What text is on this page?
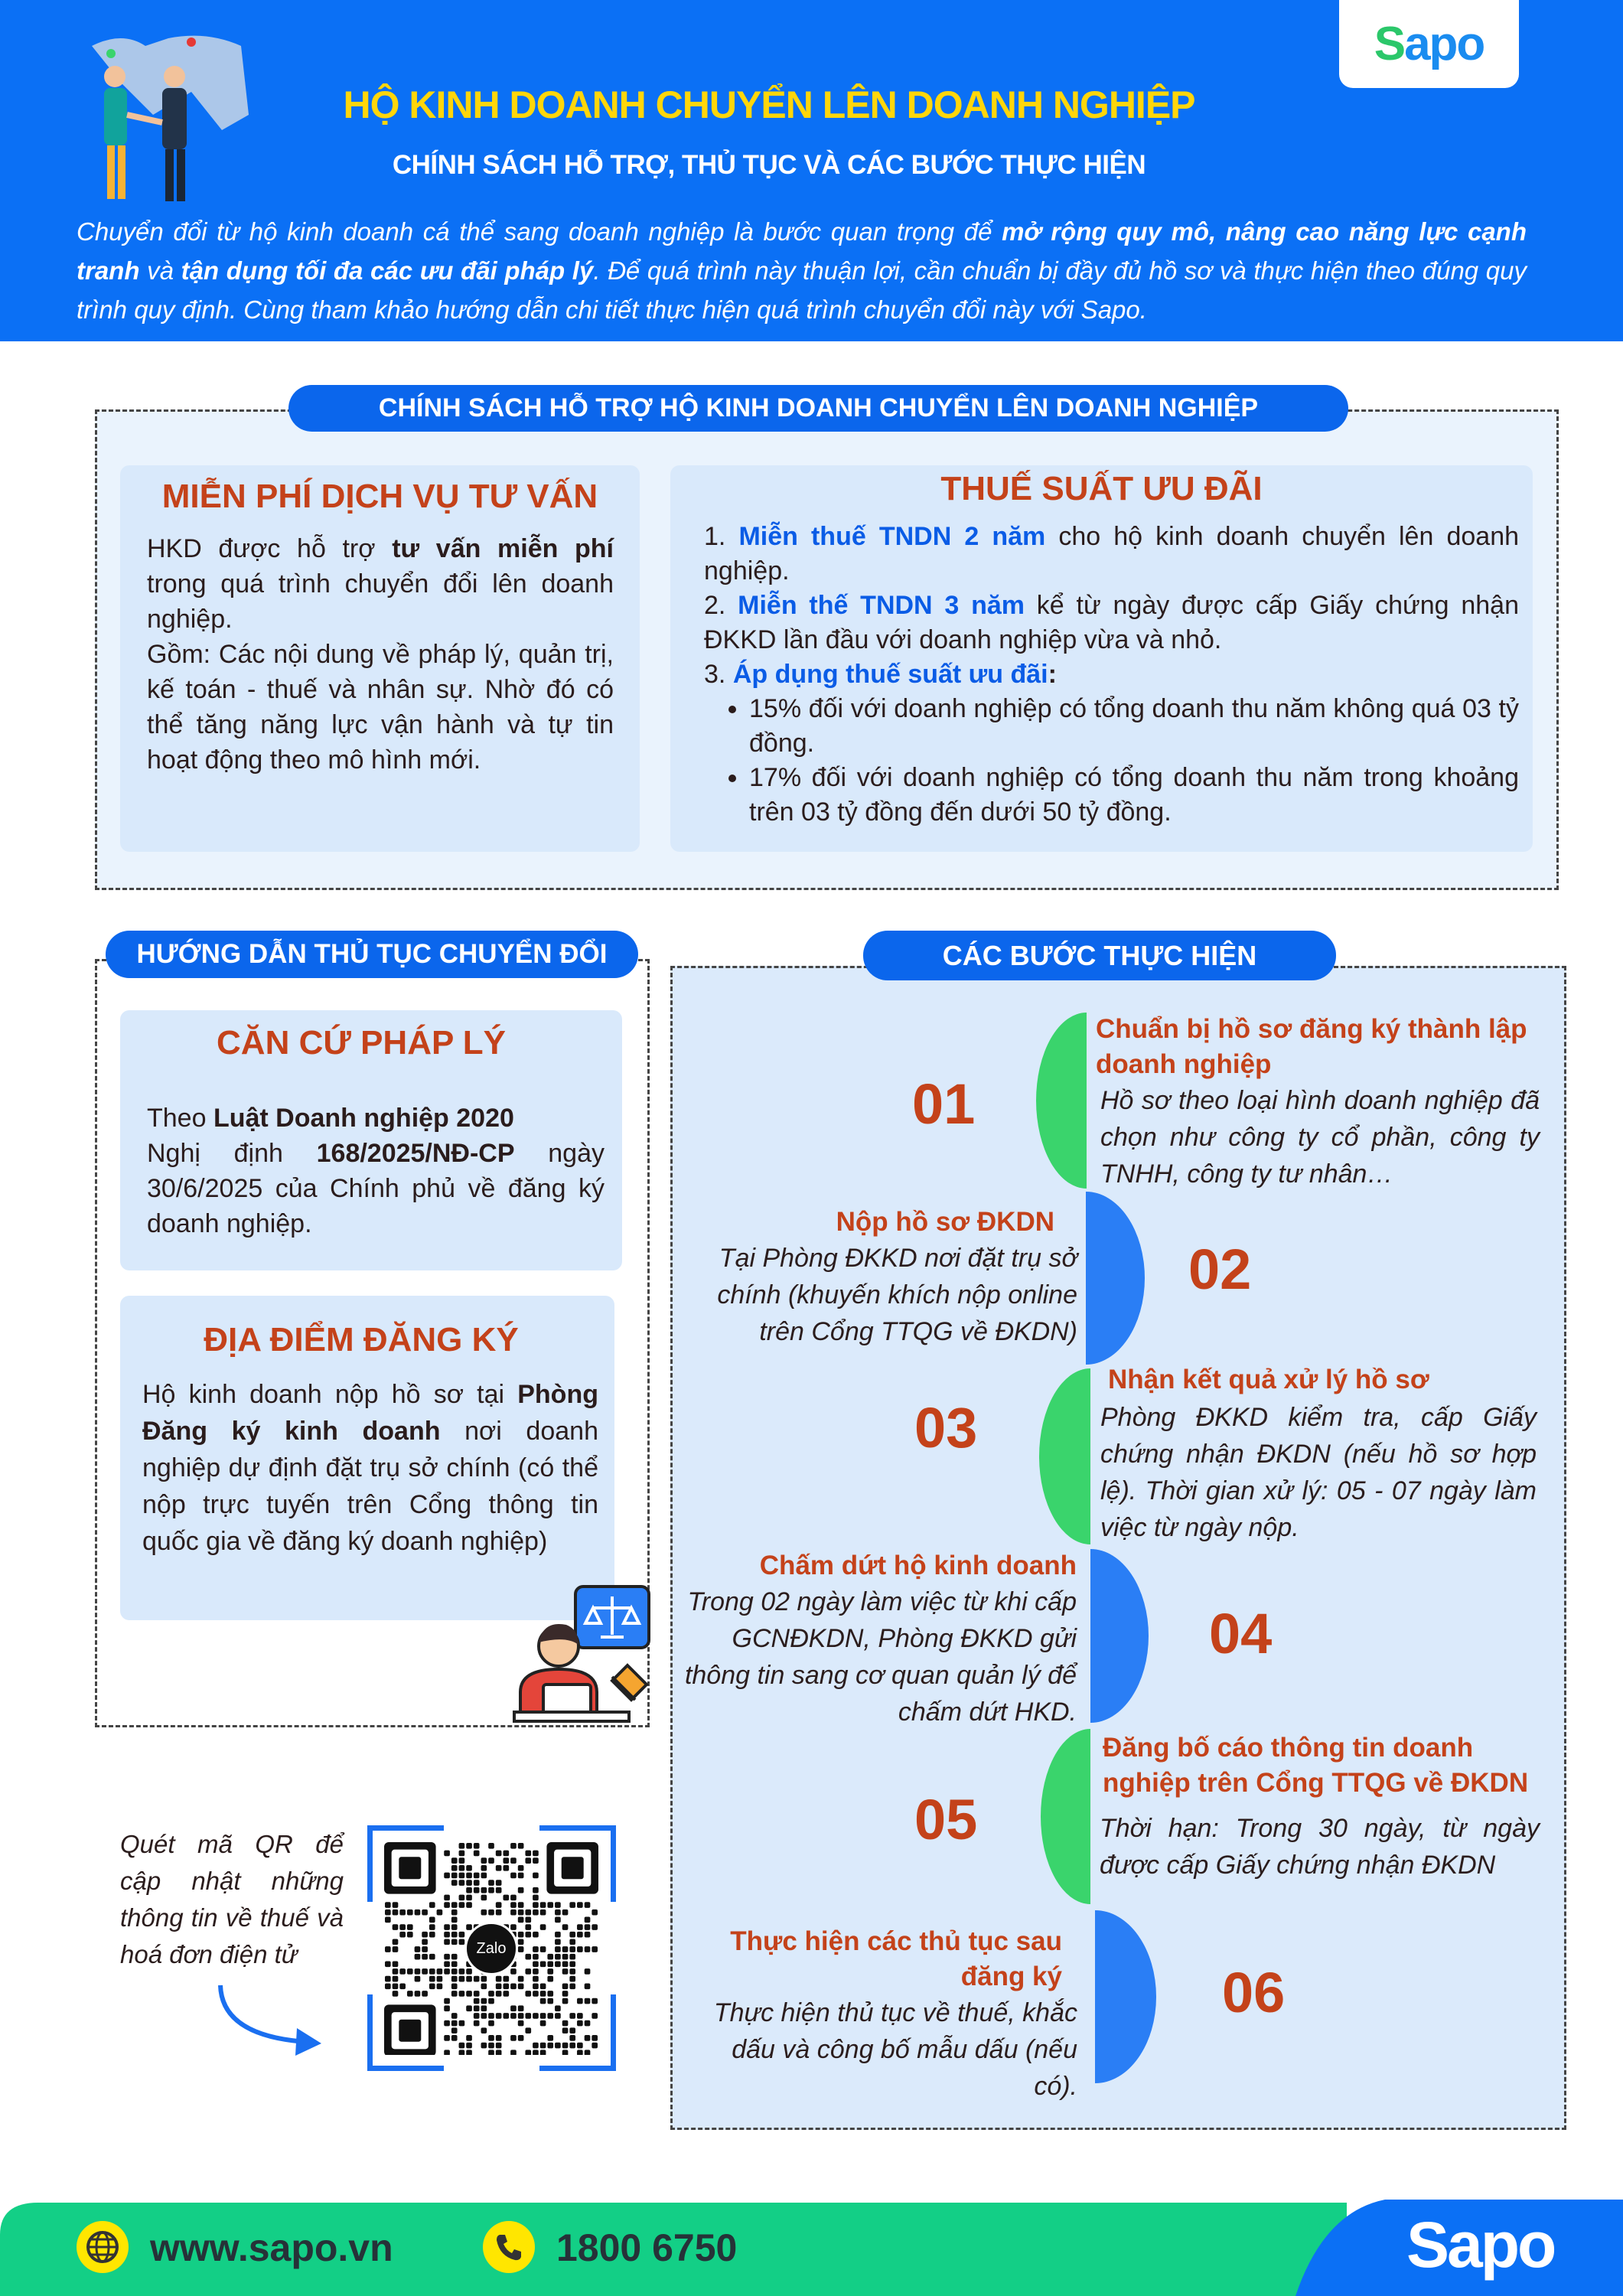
Sapo
HỘ KINH DOANH CHUYỂN LÊN DOANH NGHIỆP
CHÍNH SÁCH HỖ TRỢ, THỦ TỤC VÀ CÁC BƯỚC THỰC HIỆN
Chuyển đổi từ hộ kinh doanh cá thể sang doanh nghiệp là bước quan trọng để mở rộng quy mô, nâng cao năng lực cạnh tranh và tận dụng tối đa các ưu đãi pháp lý. Để quá trình này thuận lợi, cần chuẩn bị đầy đủ hồ sơ và thực hiện theo đúng quy trình quy định. Cùng tham khảo hướng dẫn chi tiết thực hiện quá trình chuyển đổi này với Sapo.
CHÍNH SÁCH HỖ TRỢ HỘ KINH DOANH CHUYỂN LÊN DOANH NGHIỆP
MIỄN PHÍ DỊCH VỤ TƯ VẤN
HKD được hỗ trợ tư vấn miễn phí trong quá trình chuyển đổi lên doanh nghiệp.
Gồm: Các nội dung về pháp lý, quản trị, kế toán - thuế và nhân sự. Nhờ đó có thể tăng năng lực vận hành và tự tin hoạt động theo mô hình mới.
THUẾ SUẤT ƯU ĐÃI
1. Miễn thuế TNDN 2 năm cho hộ kinh doanh chuyển lên doanh nghiệp.
2. Miễn thế TNDN 3 năm kể từ ngày được cấp Giấy chứng nhận ĐKKD lần đầu với doanh nghiệp vừa và nhỏ.
3. Áp dụng thuế suất ưu đãi:
• 15% đối với doanh nghiệp có tổng doanh thu năm không quá 03 tỷ đồng.
• 17% đối với doanh nghiệp có tổng doanh thu năm trong khoảng trên 03 tỷ đồng đến dưới 50 tỷ đồng.
HƯỚNG DẪN THỦ TỤC CHUYỂN ĐỔI
CĂN CỨ PHÁP LÝ
Theo Luật Doanh nghiệp 2020
Nghị định 168/2025/NĐ-CP ngày 30/6/2025 của Chính phủ về đăng ký doanh nghiệp.
ĐỊA ĐIỂM ĐĂNG KÝ
Hộ kinh doanh nộp hồ sơ tại Phòng Đăng ký kinh doanh nơi doanh nghiệp dự định đặt trụ sở chính (có thể nộp trực tuyến trên Cổng thông tin quốc gia về đăng ký doanh nghiệp)
Quét mã QR để cập nhật những thông tin về thuế và hoá đơn điện tử	Zalo
CÁC BƯỚC THỰC HIỆN
01
Chuẩn bị hồ sơ đăng ký thành lập doanh nghiệp
Hồ sơ theo loại hình doanh nghiệp đã chọn như công ty cổ phần, công ty TNHH, công ty tư nhân…
02
Nộp hồ sơ ĐKDN
Tại Phòng ĐKKD nơi đặt trụ sở chính (khuyến khích nộp online trên Cổng TTQG về ĐKDN)
03
Nhận kết quả xử lý hồ sơ
Phòng ĐKKD kiểm tra, cấp Giấy chứng nhận ĐKDN (nếu hồ sơ hợp lệ). Thời gian xử lý: 05 - 07 ngày làm việc từ ngày nộp.
04
Chấm dứt hộ kinh doanh
Trong 02 ngày làm việc từ khi cấp GCNĐKDN, Phòng ĐKKD gửi thông tin sang cơ quan quản lý để chấm dứt HKD.
05
Đăng bố cáo thông tin doanh nghiệp trên Cổng TTQG về ĐKDN
Thời hạn: Trong 30 ngày, từ ngày được cấp Giấy chứng nhận ĐKDN
06
Thực hiện các thủ tục sau đăng ký
Thực hiện thủ tục về thuế, khắc dấu và công bố mẫu dấu (nếu có).
www.sapo.vn	1800 6750	Sapo
